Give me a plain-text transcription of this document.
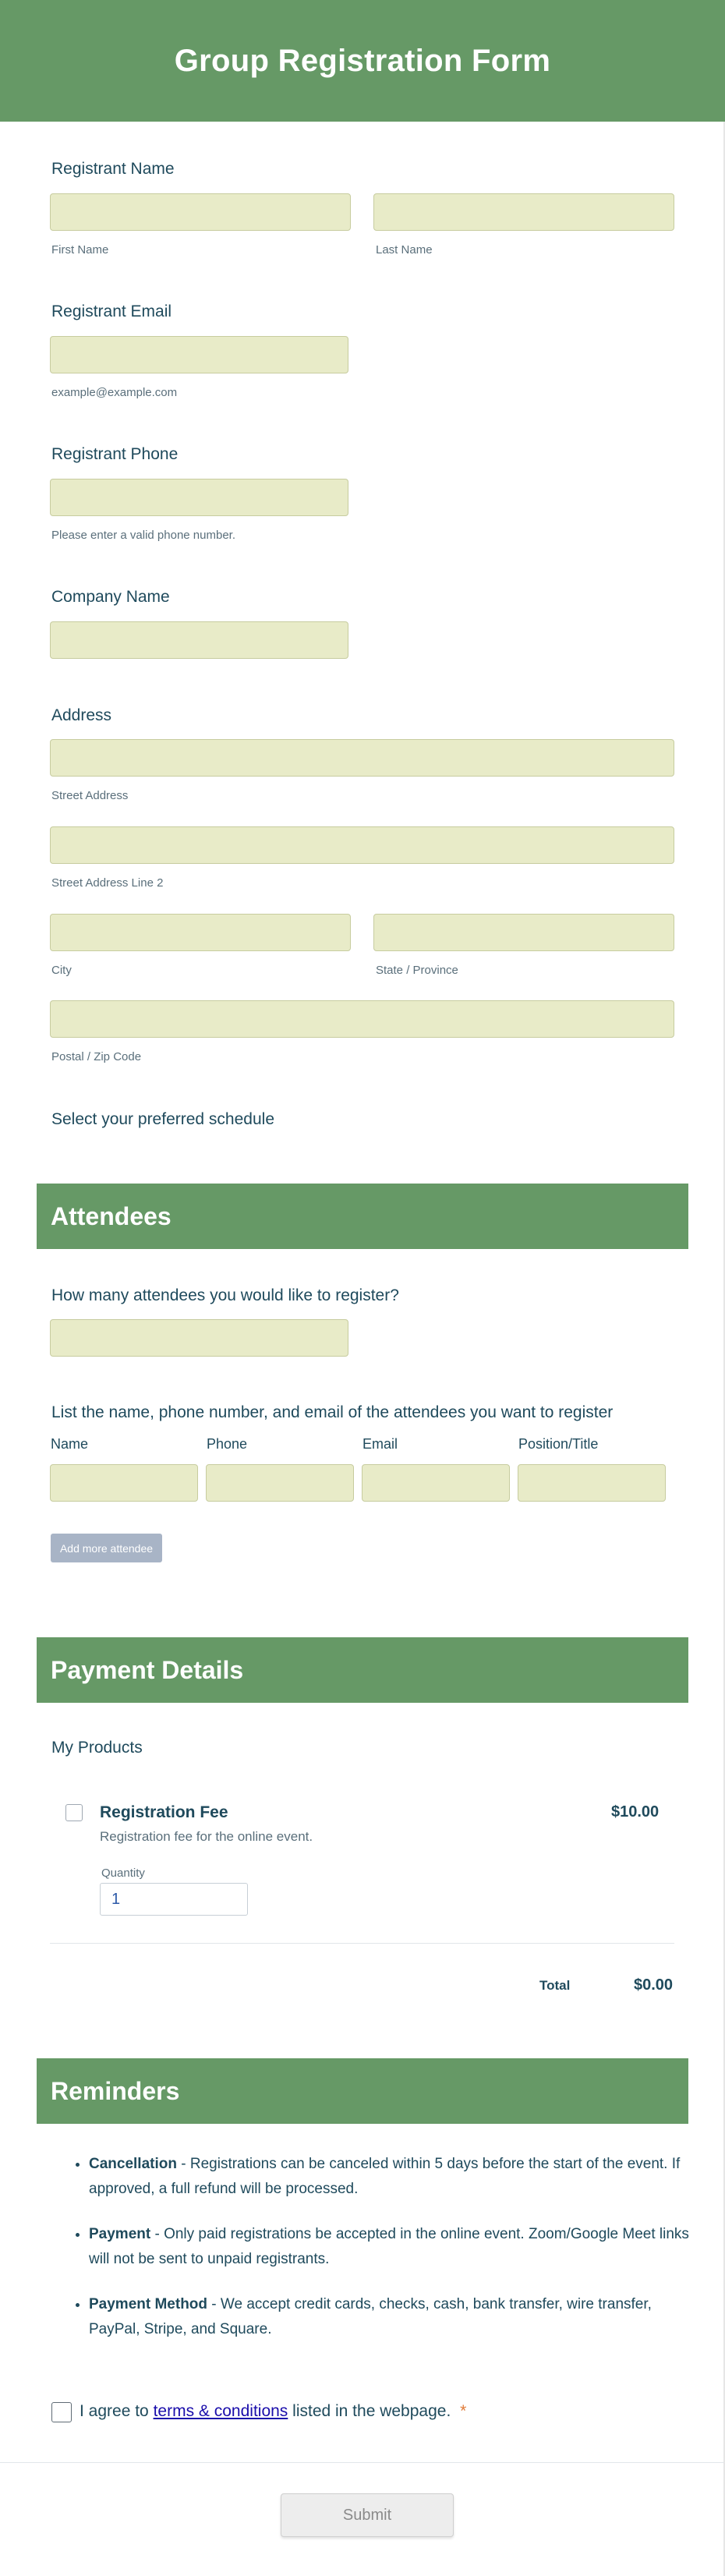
Group Registration Form
Registrant Name
First Name	Last Name
Registrant Email
example@example.com
Registrant Phone
Please enter a valid phone number.
Company Name
Address
Street Address
Street Address Line 2
City	State / Province
Postal / Zip Code
Select your preferred schedule
Attendees
How many attendees you would like to register?
List the name, phone number, and email of the attendees you want to register
Name	Phone	Email	Position/Title
Add more attendee
Payment Details
My Products
Registration Fee	$10.00
Registration fee for the online event.
Quantity
1
Total	$0.00
Reminders
• Cancellation - Registrations can be canceled within 5 days before the start of the event. If approved, a full refund will be processed.
• Payment - Only paid registrations be accepted in the online event. Zoom/Google Meet links will not be sent to unpaid registrants.
• Payment Method - We accept credit cards, checks, cash, bank transfer, wire transfer, PayPal, Stripe, and Square.
I agree to terms & conditions listed in the webpage. *
Submit
